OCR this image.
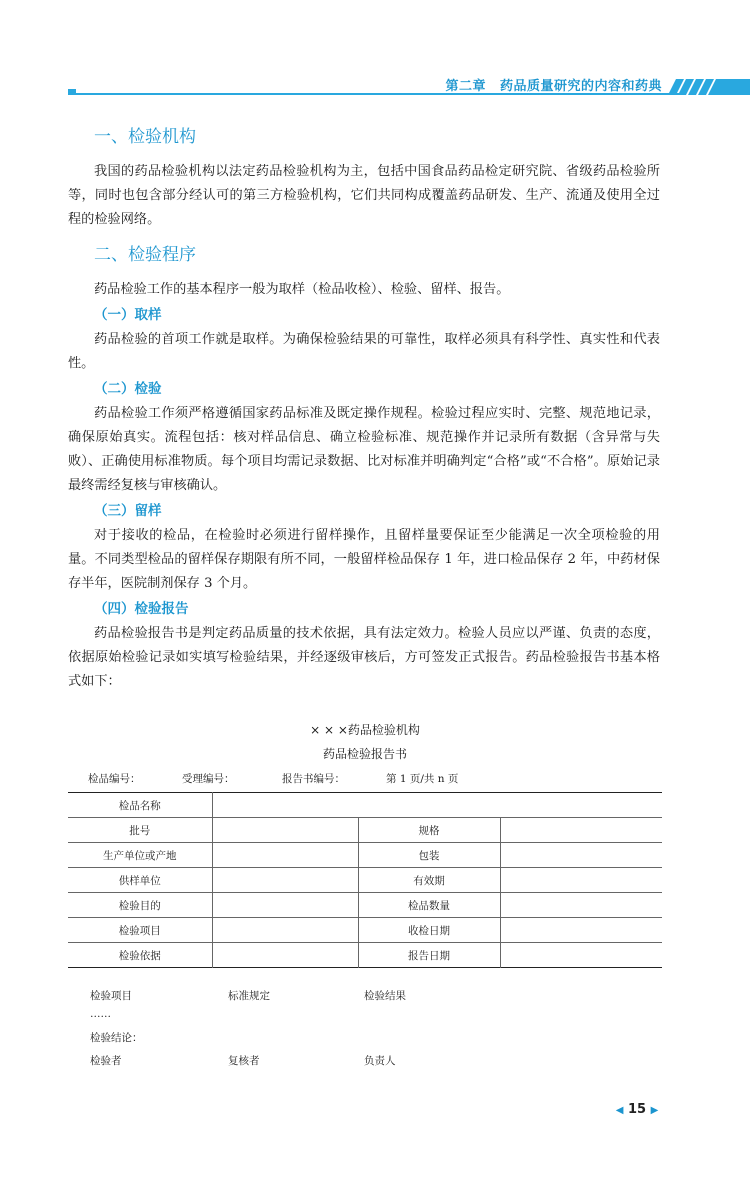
第二章 药品质量研究的内容和药典
一、检验机构

我国的药品检验机构以法定药品检验机构为主，包括中国食品药品检定研究院、省级药品检验所等，同时也包含部分经认可的第三方检验机构，它们共同构成覆盖药品研发、生产、流通及使用全过程的检验网络。

二、检验程序

药品检验工作的基本程序一般为取样（检品收检）、检验、留样、报告。

（一）取样

药品检验的首项工作就是取样。为确保检验结果的可靠性，取样必须具有科学性、真实性和代表性。

（二）检验

药品检验工作须严格遵循国家药品标准及既定操作规程。检验过程应实时、完整、规范地记录，确保原始真实。流程包括：核对样品信息、确立检验标准、规范操作并记录所有数据（含异常与失败）、正确使用标准物质。每个项目均需记录数据、比对标准并明确判定“合格”或“不合格”。原始记录最终需经复核与审核确认。

（三）留样

对于接收的检品，在检验时必须进行留样操作，且留样量要保证至少能满足一次全项检验的用量。不同类型检品的留样保存期限有所不同，一般留样检品保存 1 年，进口检品保存 2 年，中药材保存半年，医院制剂保存 3 个月。

（四）检验报告

药品检验报告书是判定药品质量的技术依据，具有法定效力。检验人员应以严谨、负责的态度，依据原始检验记录如实填写检验结果，并经逐级审核后，方可签发正式报告。药品检验报告书基本格式如下：

× × ×药品检验机构
药品检验报告书
检品编号：	受理编号：	报告书编号：	第 1 页/共 n 页
检品名称			
批号		规格	
生产单位或产地		包装	
供样单位		有效期	
检验目的		检品数量	
检验项目		收检日期	
检验依据		报告日期	
检验项目	标准规定	检验结果
……
检验结论：
检验者	复核者	负责人
◀ 15 ▶
